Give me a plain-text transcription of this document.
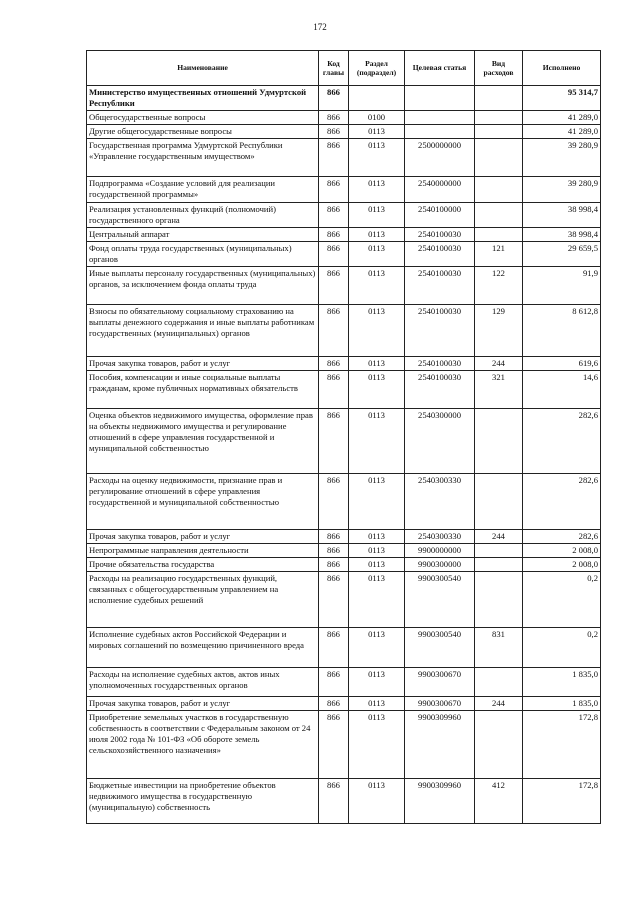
172
Наименование	Код главы	Раздел (подраздел)	Целевая статья	Вид расходов	Исполнено
Министерство имущественных отношений Удмуртской Республики	866				95 314,7
Общегосударственные вопросы	866	0100			41 289,0
Другие общегосударственные вопросы	866	0113			41 289,0
Государственная программа Удмуртской Республики «Управление государственным имуществом»	866	0113	2500000000		39 280,9
Подпрограмма «Создание условий для реализации государственной программы»	866	0113	2540000000		39 280,9
Реализация установленных функций (полномочий) государственного органа	866	0113	2540100000		38 998,4
Центральный аппарат	866	0113	2540100030		38 998,4
Фонд оплаты труда государственных (муниципальных) органов	866	0113	2540100030	121	29 659,5
Иные выплаты персоналу государственных (муниципальных) органов, за исключением фонда оплаты труда	866	0113	2540100030	122	91,9
Взносы по обязательному социальному страхованию на выплаты денежного содержания и иные выплаты работникам государственных (муниципальных) органов	866	0113	2540100030	129	8 612,8
Прочая закупка товаров, работ и услуг	866	0113	2540100030	244	619,6
Пособия, компенсации и иные социальные выплаты гражданам, кроме публичных нормативных обязательств	866	0113	2540100030	321	14,6
Оценка объектов недвижимого имущества, оформление прав на объекты недвижимого имущества и регулирование отношений в сфере управления государственной и муниципальной собственностью	866	0113	2540300000		282,6
Расходы на оценку недвижимости, признание прав и регулирование отношений в сфере управления государственной и муниципальной собственностью	866	0113	2540300330		282,6
Прочая закупка товаров, работ и услуг	866	0113	2540300330	244	282,6
Непрограммные направления деятельности	866	0113	9900000000		2 008,0
Прочие обязательства государства	866	0113	9900300000		2 008,0
Расходы на реализацию государственных функций, связанных с общегосударственным управлением на исполнение судебных решений	866	0113	9900300540		0,2
Исполнение судебных актов Российской Федерации и мировых соглашений по возмещению причиненного вреда	866	0113	9900300540	831	0,2
Расходы на исполнение судебных актов, актов иных уполномоченных государственных органов	866	0113	9900300670		1 835,0
Прочая закупка товаров, работ и услуг	866	0113	9900300670	244	1 835,0
Приобретение земельных участков в государственную собственность в соответствии с Федеральным законом от 24 июля 2002 года № 101-ФЗ «Об обороте земель сельскохозяйственного назначения»	866	0113	9900309960		172,8
Бюджетные инвестиции на приобретение объектов недвижимого имущества в государственную (муниципальную) собственность	866	0113	9900309960	412	172,8
